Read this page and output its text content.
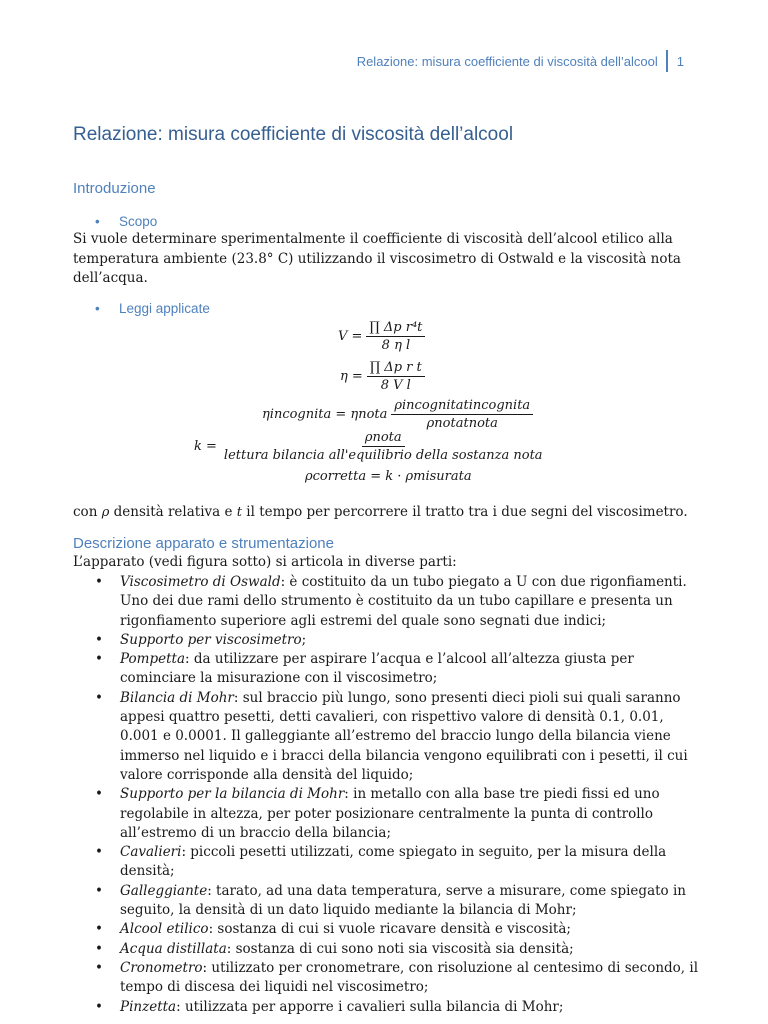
Relazione: misura coefficiente di viscosità dell’alcool 1
Relazione: misura coefficiente di viscosità dell’alcool
Introduzione
• Scopo
Si vuole determinare sperimentalmente il coefficiente di viscosità dell’alcool etilico alla temperatura ambiente (23.8° C) utilizzando il viscosimetro di Ostwald e la viscosità nota dell’acqua.
• Leggi applicate
$V = \frac{\text{∏ Δp r⁴t}}{\text{8 η l}}$
$\eta = \frac{\text{∏ Δp r t}}{\text{8 V l}}$
ηincognita = ηnota $\frac{\text{ρincognitatincognita}}{\text{ρnotatnota}}$
$k = \frac{\text{ρnota}}{\text{lettura bilancia all'equilibrio della sostanza nota}}$
ρcorretta = k · ρmisurata
con ρ densità relativa e t il tempo per percorrere il tratto tra i due segni del viscosimetro.
Descrizione apparato e strumentazione
L’apparato (vedi figura sotto) si articola in diverse parti:
• Viscosimetro di Oswald: è costituito da un tubo piegato a U con due rigonfiamenti. Uno dei due rami dello strumento è costituito da un tubo capillare e presenta un rigonfiamento superiore agli estremi del quale sono segnati due indici;
• Supporto per viscosimetro;
• Pompetta: da utilizzare per aspirare l’acqua e l’alcool all’altezza giusta per cominciare la misurazione con il viscosimetro;
• Bilancia di Mohr: sul braccio più lungo, sono presenti dieci pioli sui quali saranno appesi quattro pesetti, detti cavalieri, con rispettivo valore di densità 0.1, 0.01, 0.001 e 0.0001. Il galleggiante all’estremo del braccio lungo della bilancia viene immerso nel liquido e i bracci della bilancia vengono equilibrati con i pesetti, il cui valore corrisponde alla densità del liquido;
• Supporto per la bilancia di Mohr: in metallo con alla base tre piedi fissi ed uno regolabile in altezza, per poter posizionare centralmente la punta di controllo all’estremo di un braccio della bilancia;
• Cavalieri: piccoli pesetti utilizzati, come spiegato in seguito, per la misura della densità;
• Galleggiante: tarato, ad una data temperatura, serve a misurare, come spiegato in seguito, la densità di un dato liquido mediante la bilancia di Mohr;
• Alcool etilico: sostanza di cui si vuole ricavare densità e viscosità;
• Acqua distillata: sostanza di cui sono noti sia viscosità sia densità;
• Cronometro: utilizzato per cronometrare, con risoluzione al centesimo di secondo, il tempo di discesa dei liquidi nel viscosimetro;
• Pinzetta: utilizzata per apporre i cavalieri sulla bilancia di Mohr;
